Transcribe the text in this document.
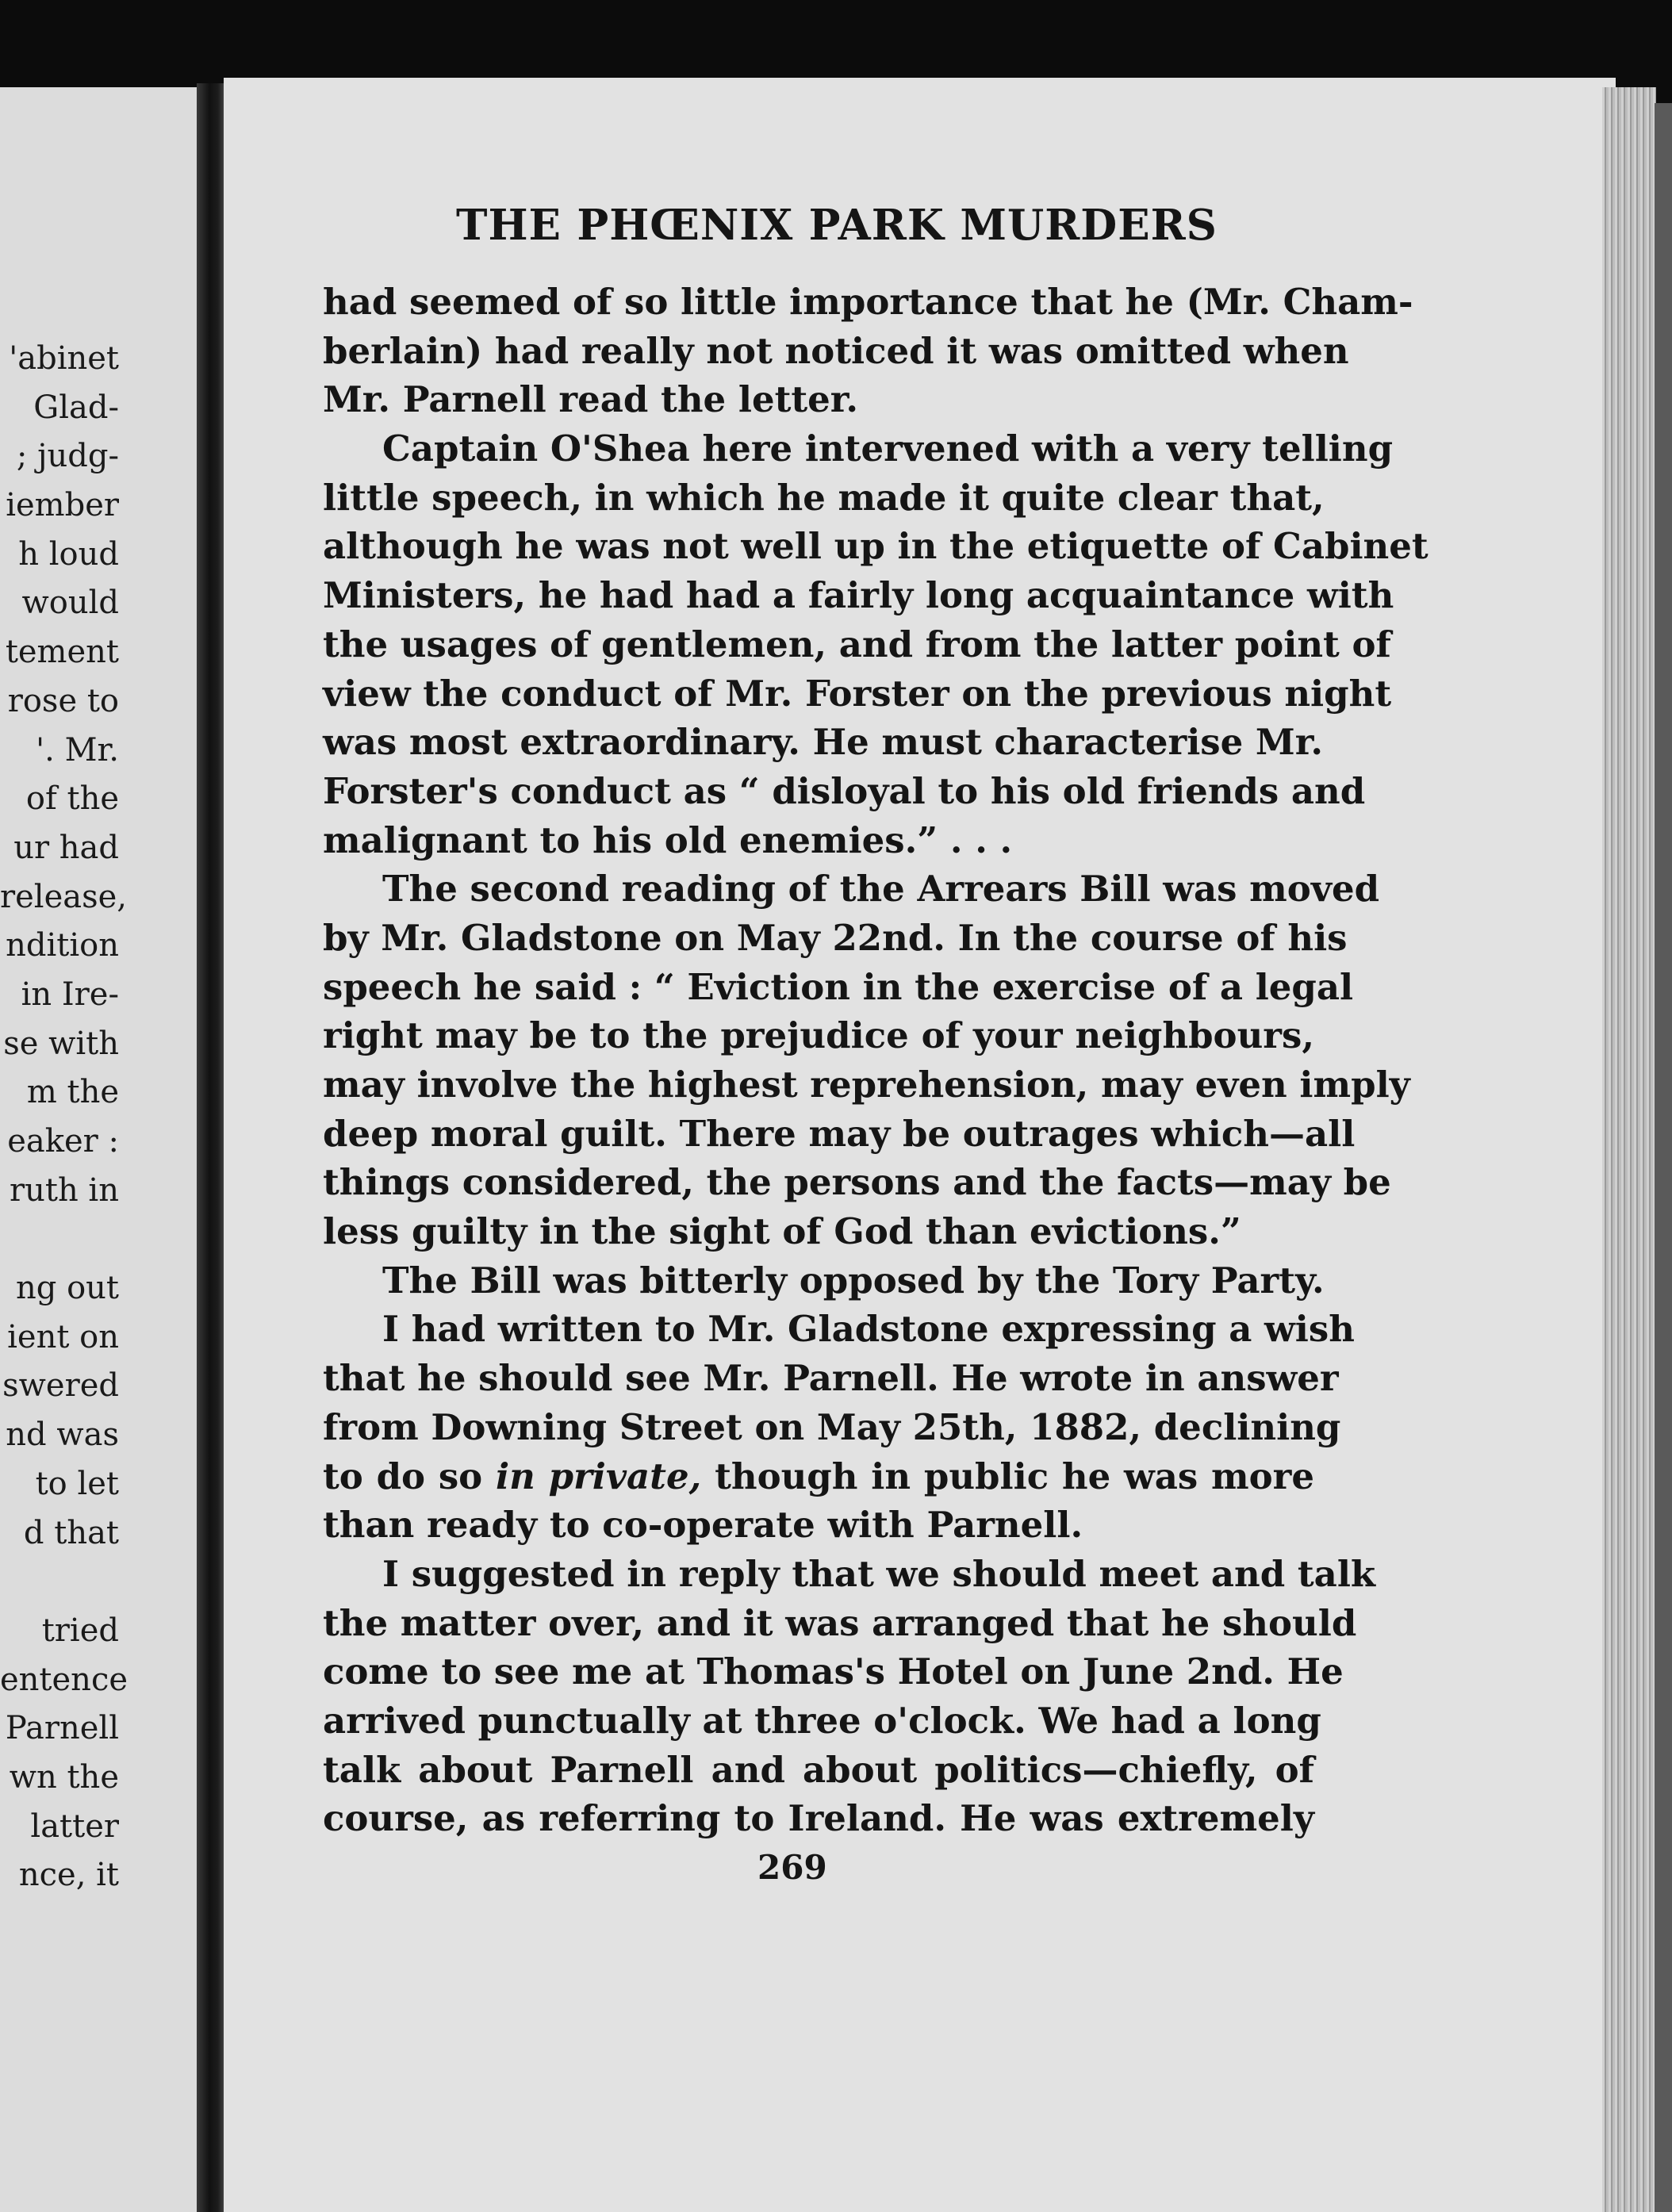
'abinet
Glad-
; judg-
iember
h loud
would
tement
rose to
'. Mr.
of the
ur had
release,
ndition
in Ire-
se with
m the
eaker :
ruth in
ng out
ient on
swered
nd was
to let
d that
tried
entence
Parnell
wn the
latter
nce, it
THE PHŒNIX PARK MURDERS
had seemed of so little importance that he (Mr. Cham-
berlain) had really not noticed it was omitted when
Mr. Parnell read the letter.
Captain O'Shea here intervened with a very telling
little speech, in which he made it quite clear that,
although he was not well up in the etiquette of Cabinet
Ministers, he had had a fairly long acquaintance with
the usages of gentlemen, and from the latter point of
view the conduct of Mr. Forster on the previous night
was most extraordinary. He must characterise Mr.
Forster's conduct as “ disloyal to his old friends and
malignant to his old enemies.” . . .
The second reading of the Arrears Bill was moved
by Mr. Gladstone on May 22nd. In the course of his
speech he said : “ Eviction in the exercise of a legal
right may be to the prejudice of your neighbours,
may involve the highest reprehension, may even imply
deep moral guilt. There may be outrages which—all
things considered, the persons and the facts—may be
less guilty in the sight of God than evictions.”
The Bill was bitterly opposed by the Tory Party.
I had written to Mr. Gladstone expressing a wish
that he should see Mr. Parnell. He wrote in answer
from Downing Street on May 25th, 1882, declining
to do so in private, though in public he was more
than ready to co-operate with Parnell.
I suggested in reply that we should meet and talk
the matter over, and it was arranged that he should
come to see me at Thomas's Hotel on June 2nd. He
arrived punctually at three o'clock. We had a long
talk about Parnell and about politics—chiefly, of
course, as referring to Ireland. He was extremely
269
